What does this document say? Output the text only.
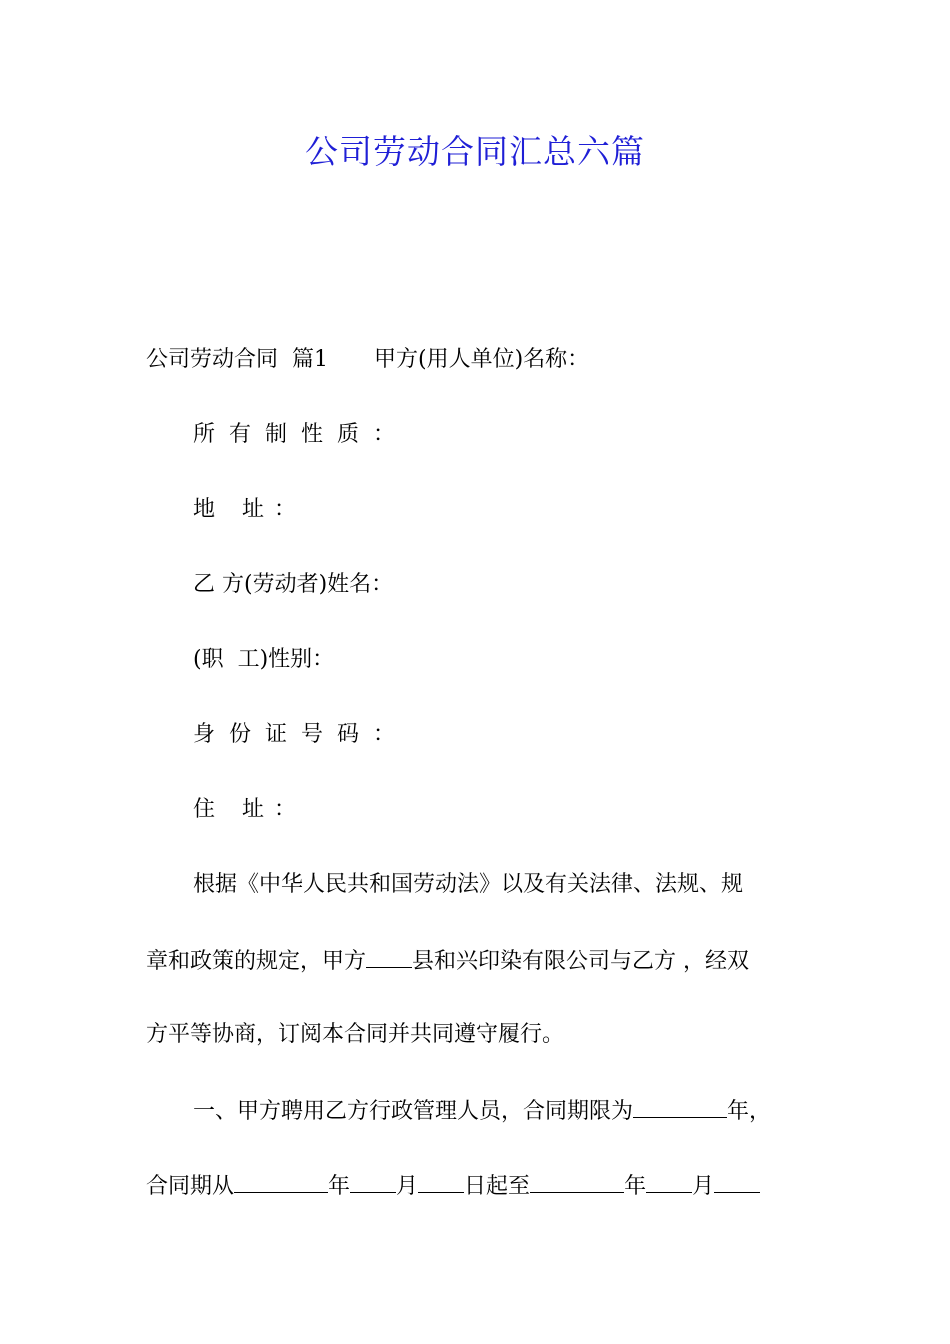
公司劳动合同汇总六篇
公司劳动合同  篇1 甲方(用人单位)名称：
所有制性质：
地 址：
乙 方(劳动者)姓名：
(职  工)性别：
身份证号码：
住 址：
根据《中华人民共和国劳动法》以及有关法律、法规、规
章和政策的规定，甲方 县和兴印染有限公司与乙方 ，经双
方平等协商，订阅本合同并共同遵守履行。
一、甲方聘用乙方行政管理人员，合同期限为	年，
合同期从	年 月 日起至	年 月
